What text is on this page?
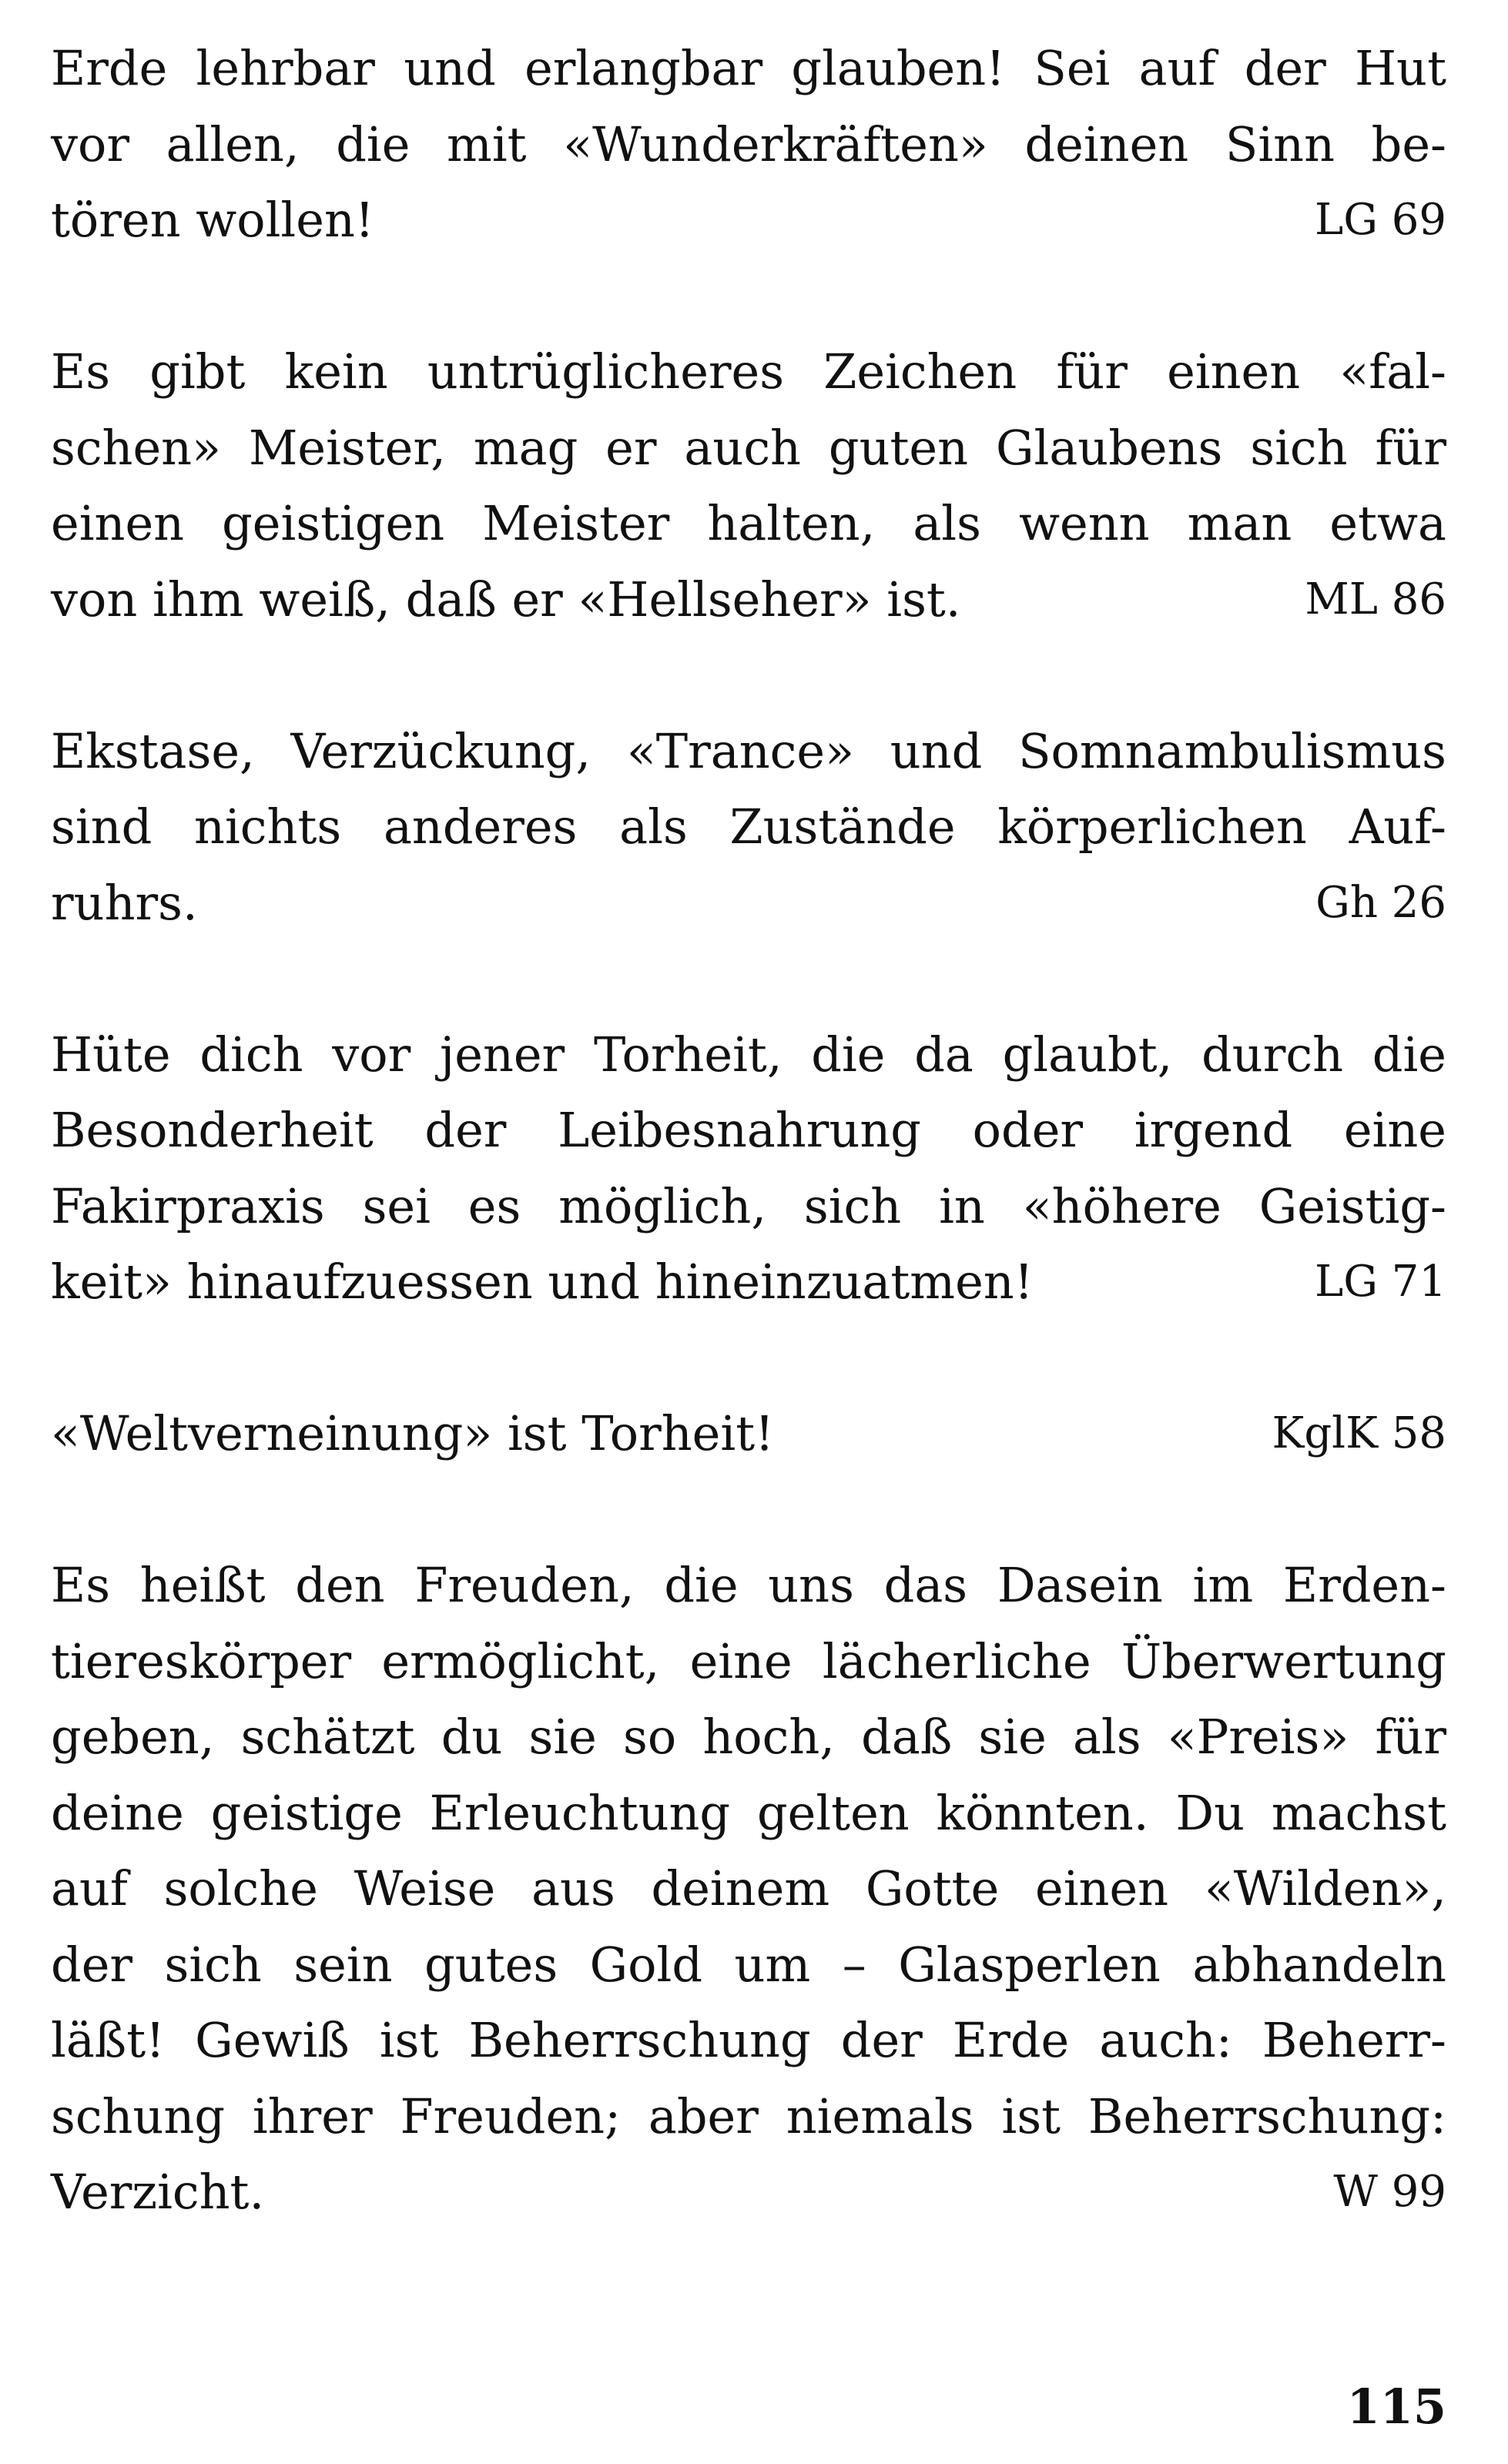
Erde lehrbar und erlangbar glauben! Sei auf der Hut
vor allen, die mit «Wunderkräften» deinen Sinn be-
tören wollen!	LG 69
Es gibt kein untrüglicheres Zeichen für einen «fal-
schen» Meister, mag er auch guten Glaubens sich für
einen geistigen Meister halten, als wenn man etwa
von ihm weiß, daß er «Hellseher» ist.	ML 86
Ekstase, Verzückung, «Trance» und Somnambulismus
sind nichts anderes als Zustände körperlichen Auf-
ruhrs.	Gh 26
Hüte dich vor jener Torheit, die da glaubt, durch die
Besonderheit der Leibesnahrung oder irgend eine
Fakirpraxis sei es möglich, sich in «höhere Geistig-
keit» hinaufzuessen und hineinzuatmen!	LG 71
«Weltverneinung» ist Torheit!	KglK 58
Es heißt den Freuden, die uns das Dasein im Erden-
tiereskörper ermöglicht, eine lächerliche Überwertung
geben, schätzt du sie so hoch, daß sie als «Preis» für
deine geistige Erleuchtung gelten könnten. Du machst
auf solche Weise aus deinem Gotte einen «Wilden»,
der sich sein gutes Gold um – Glasperlen abhandeln
läßt! Gewiß ist Beherrschung der Erde auch: Beherr-
schung ihrer Freuden; aber niemals ist Beherrschung:
Verzicht.	W 99
115
